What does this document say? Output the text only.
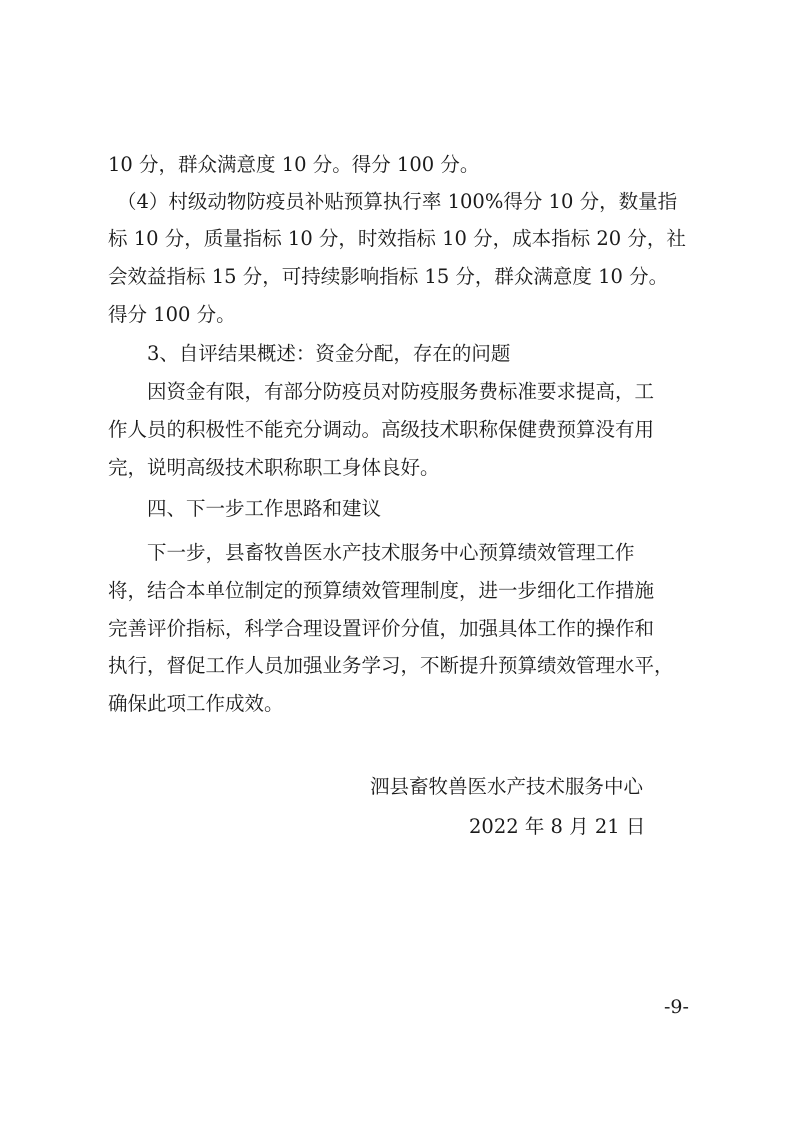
10 分，群众满意度 10 分。得分 100 分。
（4）村级动物防疫员补贴预算执行率 100%得分 10 分，数量指
标 10 分，质量指标 10 分，时效指标 10 分，成本指标 20 分，社
会效益指标 15 分，可持续影响指标 15 分，群众满意度 10 分。
得分 100 分。
3、自评结果概述：资金分配，存在的问题
因资金有限，有部分防疫员对防疫服务费标准要求提高，工
作人员的积极性不能充分调动。高级技术职称保健费预算没有用
完，说明高级技术职称职工身体良好。
四、下一步工作思路和建议
下一步，县畜牧兽医水产技术服务中心预算绩效管理工作
将，结合本单位制定的预算绩效管理制度，进一步细化工作措施
完善评价指标，科学合理设置评价分值，加强具体工作的操作和
执行，督促工作人员加强业务学习，不断提升预算绩效管理水平，
确保此项工作成效。
泗县畜牧兽医水产技术服务中心
2022 年 8 月 21 日
-9-
